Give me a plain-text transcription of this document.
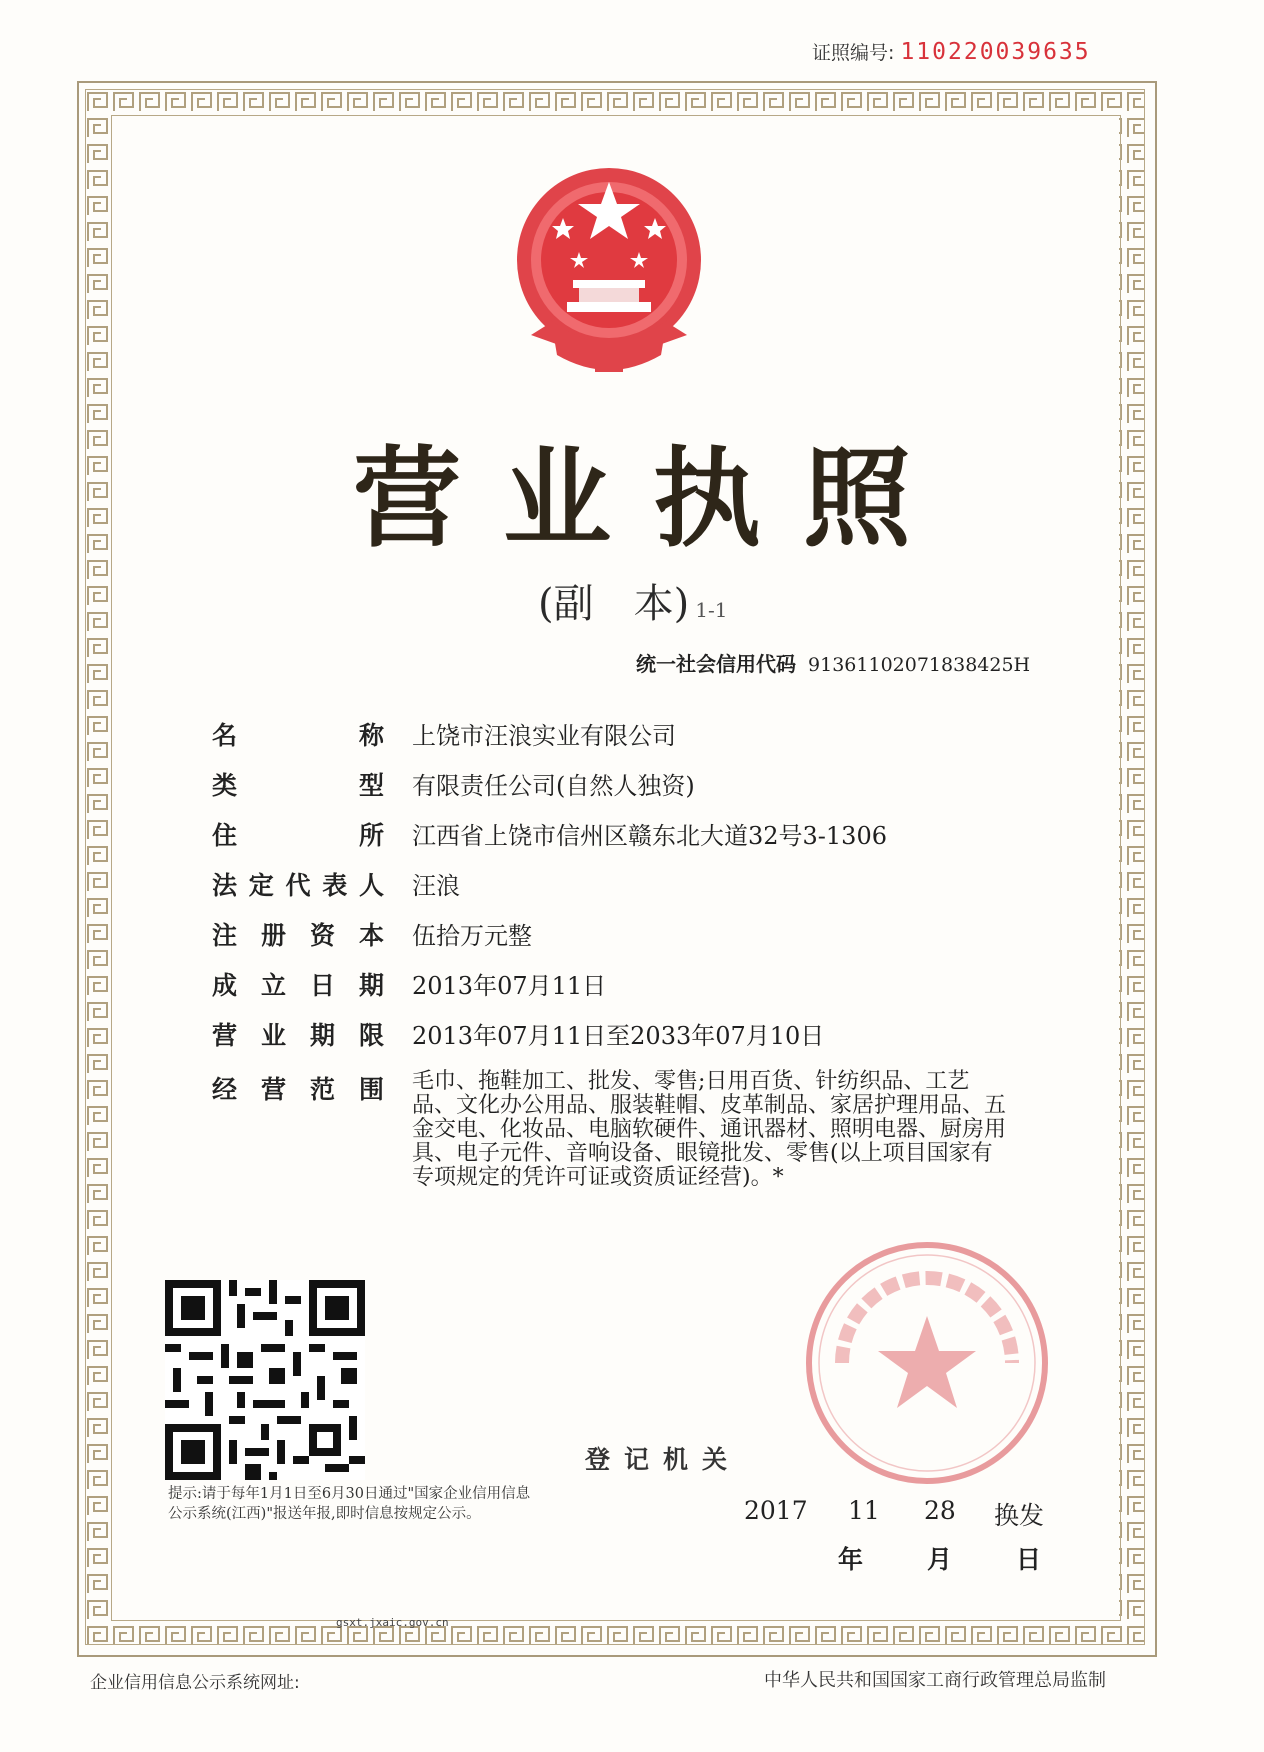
证照编号: 110220039635
营业执照
(副　本) 1-1
统一社会信用代码 91361102071838425H
名　　　称 上饶市汪浪实业有限公司
类　　　型 有限责任公司(自然人独资)
住　　　所 江西省上饶市信州区赣东北大道32号3-1306
法定代表人 汪浪
注册资本 伍拾万元整
成立日期 2013年07月11日
营业期限 2013年07月11日至2033年07月10日
经营范围 毛巾、拖鞋加工、批发、零售;日用百货、针纺织品、工艺品、文化办公用品、服装鞋帽、皮革制品、家居护理用品、五金交电、化妆品、电脑软硬件、通讯器材、照明电器、厨房用具、电子元件、音响设备、眼镜批发、零售(以上项目国家有专项规定的凭许可证或资质证经营)。*
提示:请于每年1月1日至6月30日通过"国家企业信用信息公示系统(江西)"报送年报,即时信息按规定公示。
gsxt.jxaic.gov.cn
登记机关
2017 11 28 换发
年	月	日
企业信用信息公示系统网址:	中华人民共和国国家工商行政管理总局监制
